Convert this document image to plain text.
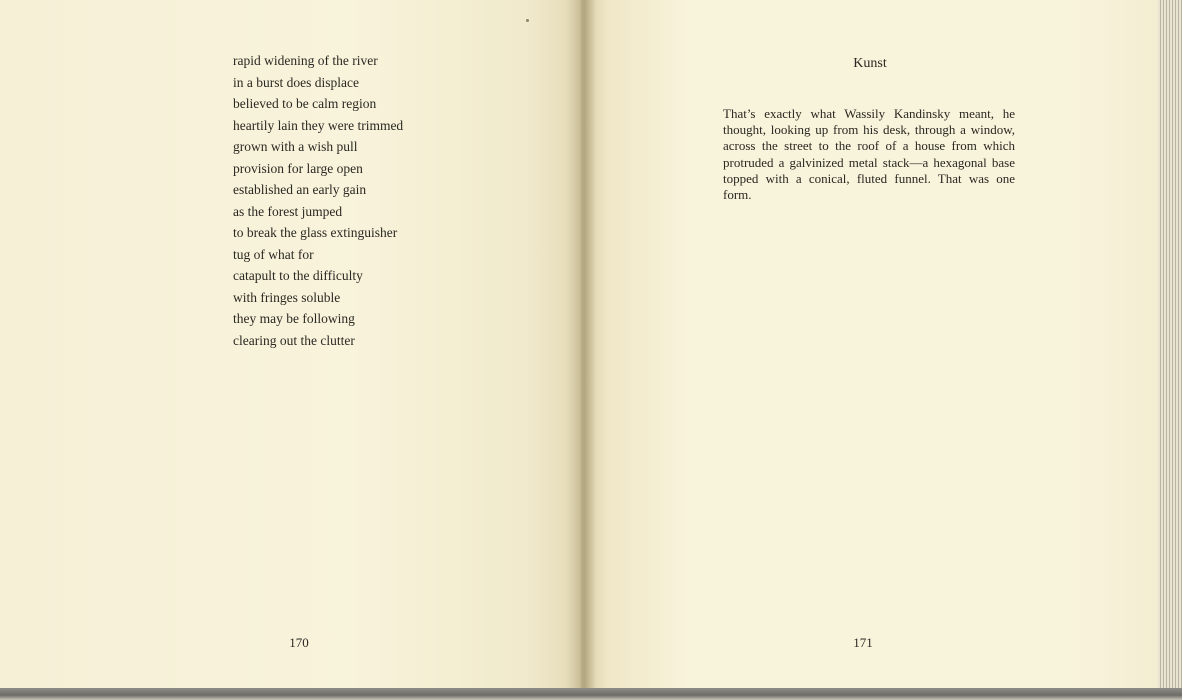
rapid widening of the river
in a burst does displace
believed to be calm region
heartily lain they were trimmed
grown with a wish pull
provision for large open
established an early gain
as the forest jumped
to break the glass extinguisher
tug of what for
catapult to the difficulty
with fringes soluble
they may be following
clearing out the clutter
170
Kunst

That’s exactly what Wassily Kandinsky meant, he thought, looking up from his desk, through a window, across the street to the roof of a house from which protruded a galvinized metal stack—a hexagonal base topped with a conical, fluted funnel. That was one form.

171
